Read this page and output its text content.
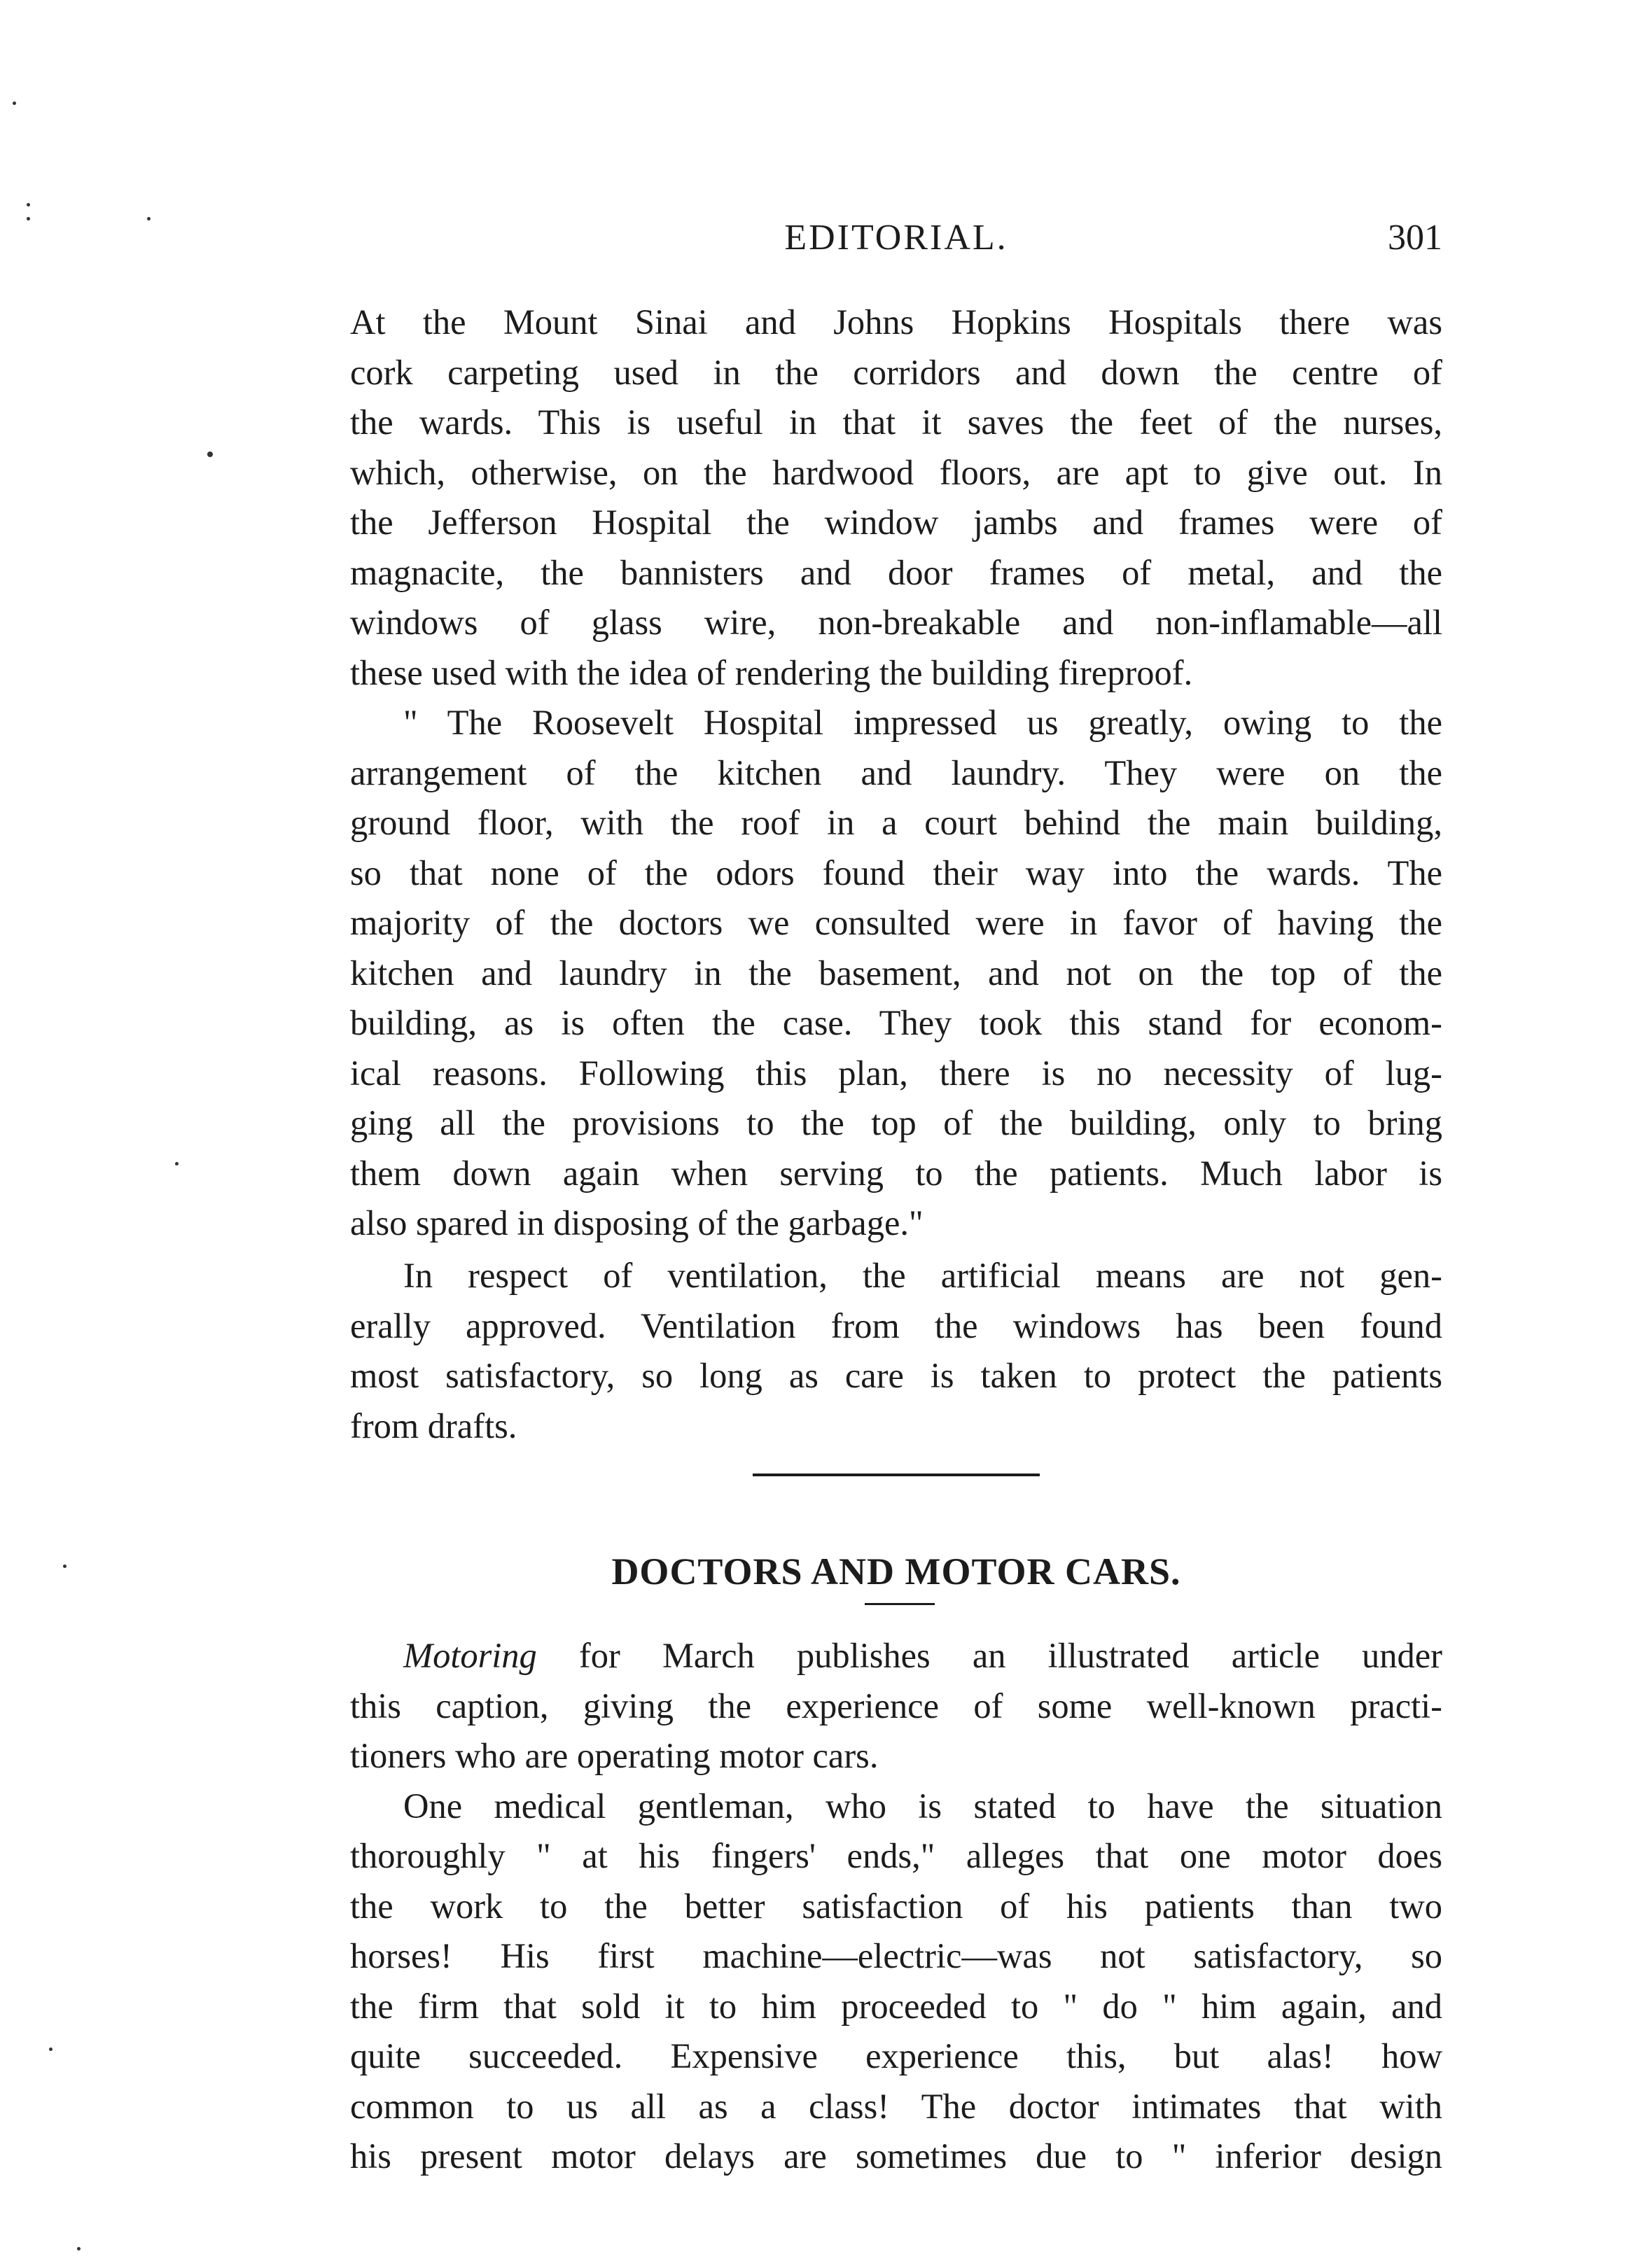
EDITORIAL.	301
At the Mount Sinai and Johns Hopkins Hospitals there was
cork carpeting used in the corridors and down the centre of
the wards. This is useful in that it saves the feet of the nurses,
which, otherwise, on the hardwood floors, are apt to give out. In
the Jefferson Hospital the window jambs and frames were of
magnacite, the bannisters and door frames of metal, and the
windows of glass wire, non-breakable and non-inflamable—all
these used with the idea of rendering the building fireproof.
" The Roosevelt Hospital impressed us greatly, owing to the
arrangement of the kitchen and laundry. They were on the
ground floor, with the roof in a court behind the main building,
so that none of the odors found their way into the wards. The
majority of the doctors we consulted were in favor of having the
kitchen and laundry in the basement, and not on the top of the
building, as is often the case. They took this stand for econom-
ical reasons. Following this plan, there is no necessity of lug-
ging all the provisions to the top of the building, only to bring
them down again when serving to the patients. Much labor is
also spared in disposing of the garbage."
In respect of ventilation, the artificial means are not gen-
erally approved. Ventilation from the windows has been found
most satisfactory, so long as care is taken to protect the patients
from drafts.
DOCTORS AND MOTOR CARS.
Motoring for March publishes an illustrated article under
this caption, giving the experience of some well-known practi-
tioners who are operating motor cars.
One medical gentleman, who is stated to have the situation
thoroughly " at his fingers' ends," alleges that one motor does
the work to the better satisfaction of his patients than two
horses! His first machine—electric—was not satisfactory, so
the firm that sold it to him proceeded to " do " him again, and
quite succeeded. Expensive experience this, but alas! how
common to us all as a class! The doctor intimates that with
his present motor delays are sometimes due to " inferior design
